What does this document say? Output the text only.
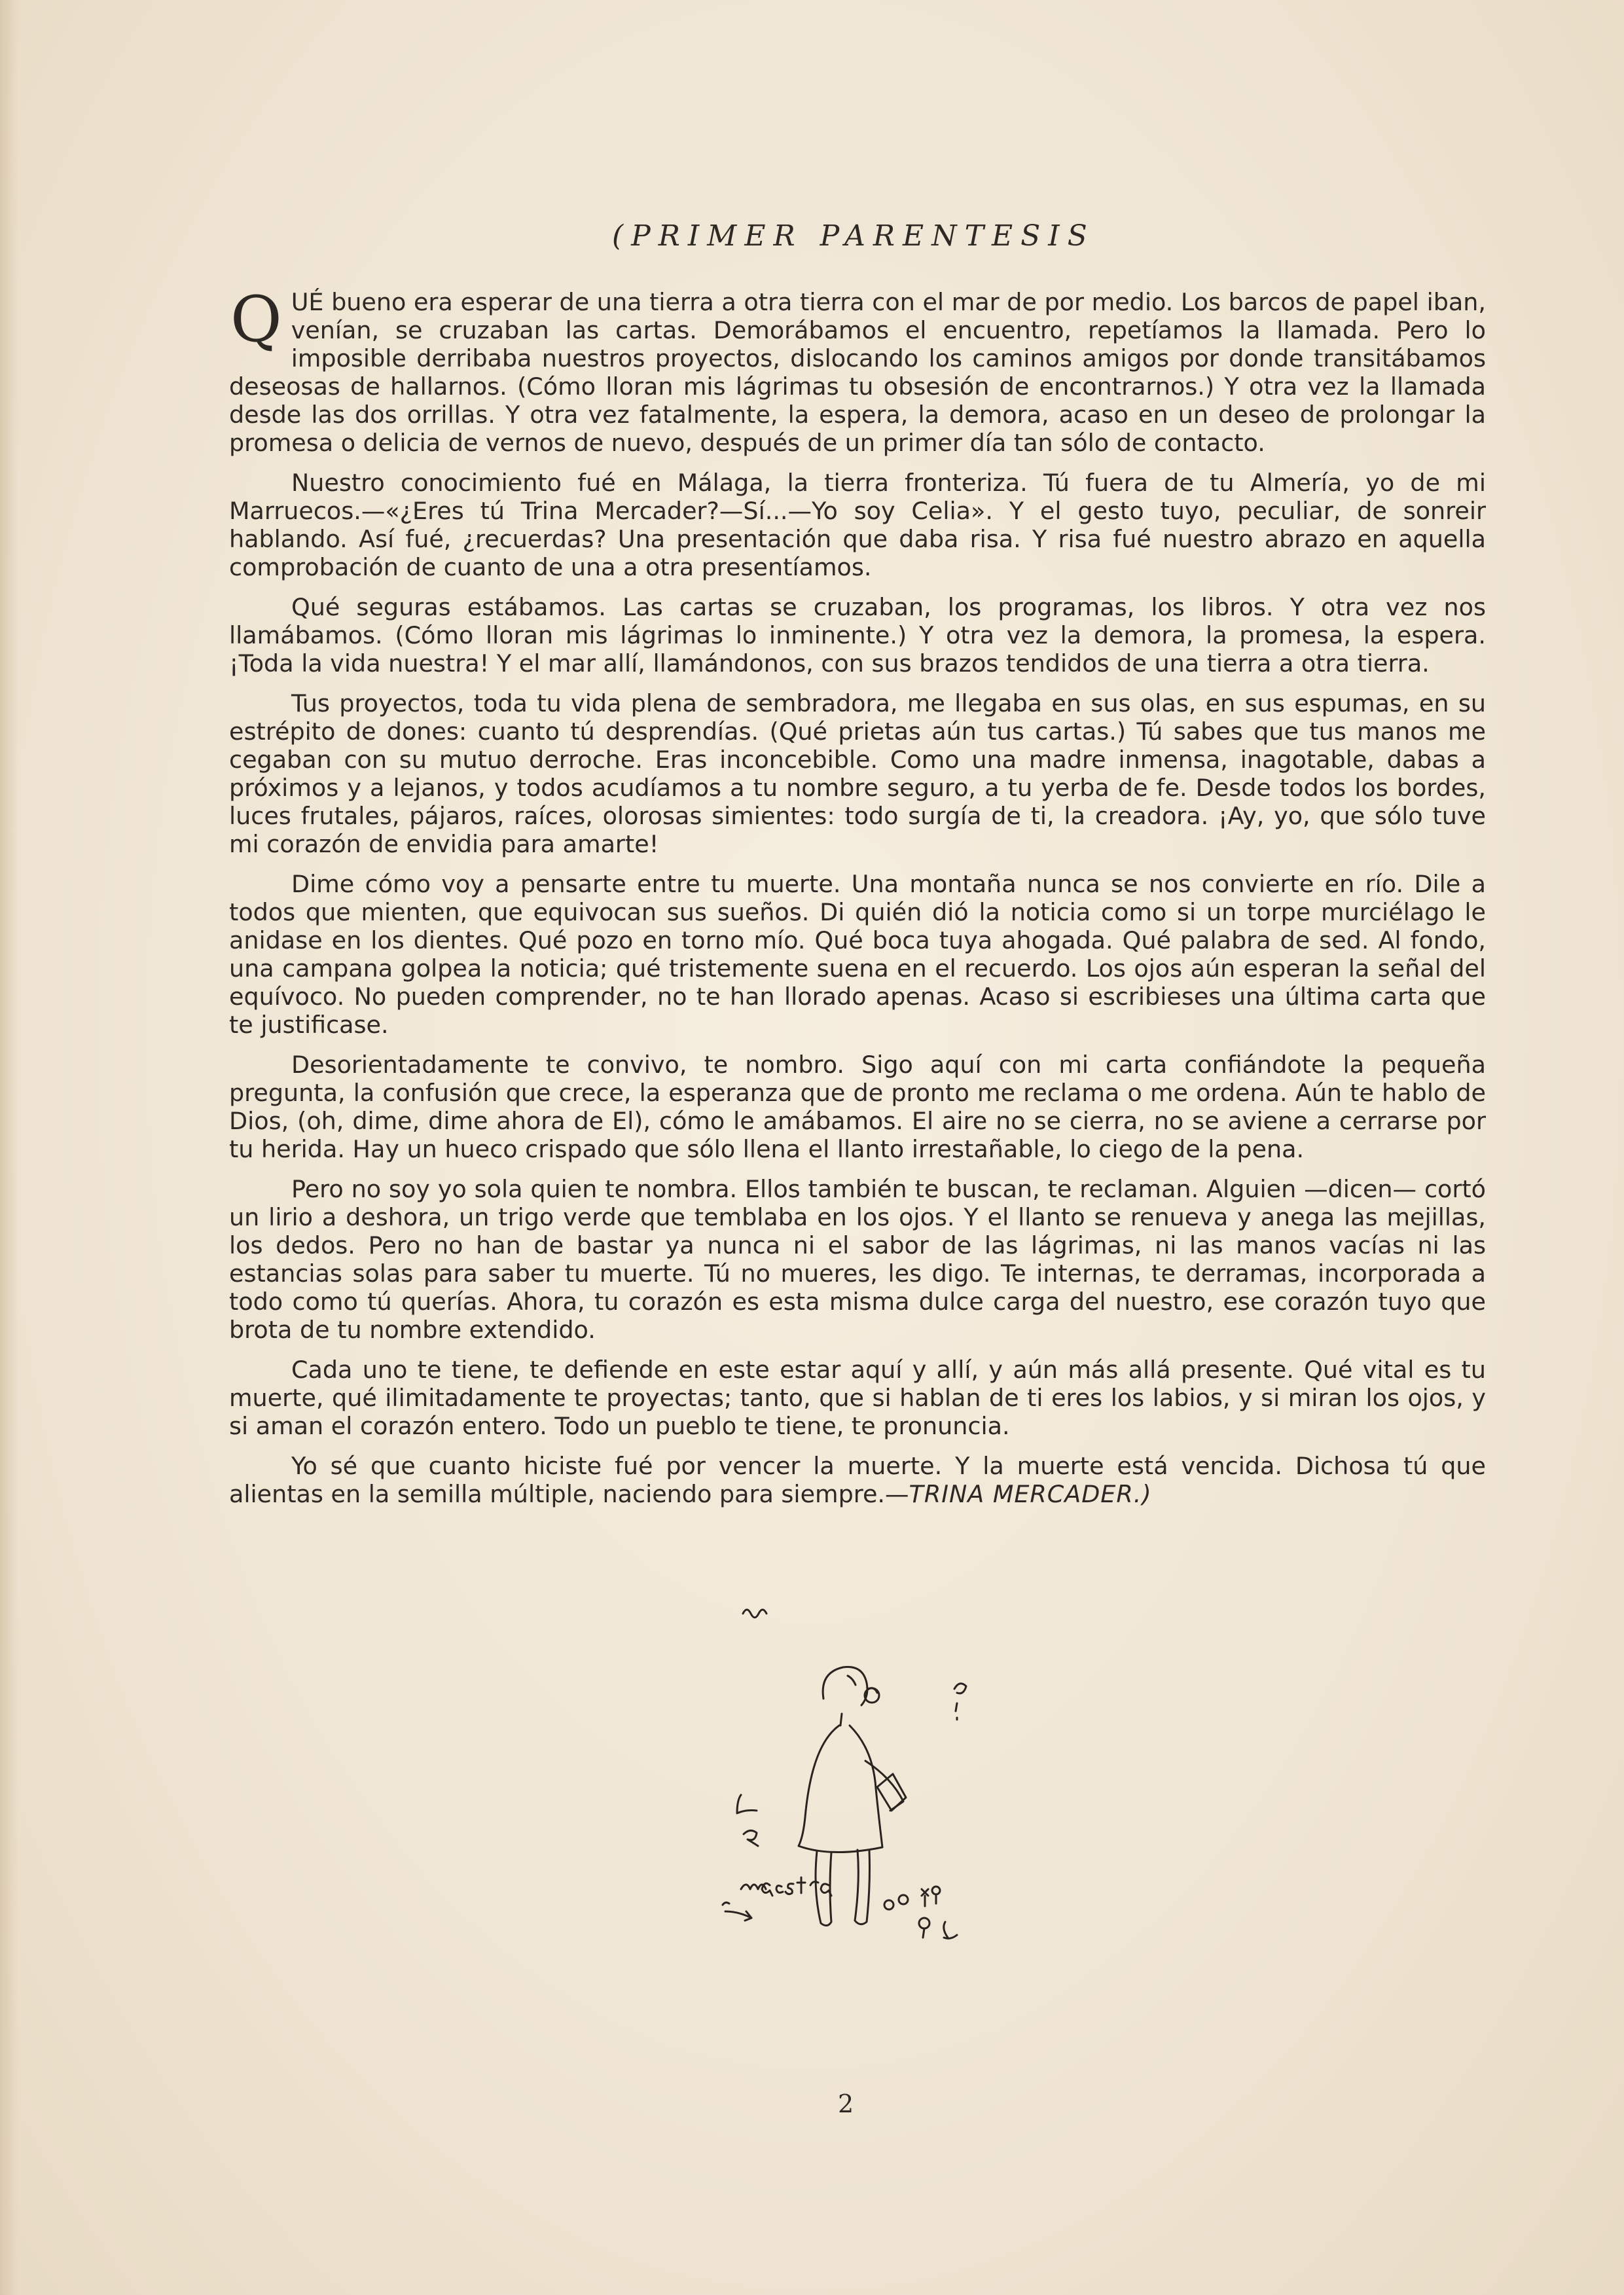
(PRIMER PARENTESIS

QUÉ bueno era esperar de una tierra a otra tierra con el mar de por medio. Los barcos de papel iban, venían, se cruzaban las cartas. Demorábamos el encuentro, repetíamos la llamada. Pero lo imposible derribaba nuestros proyectos, dislocando los caminos amigos por donde transitábamos deseosas de hallarnos. (Cómo lloran mis lágrimas tu obsesión de encontrarnos.) Y otra vez la llamada desde las dos orrillas. Y otra vez fatalmente, la espera, la demora, acaso en un deseo de prolongar la promesa o delicia de vernos de nuevo, después de un primer día tan sólo de contacto.

Nuestro conocimiento fué en Málaga, la tierra fronteriza. Tú fuera de tu Almería, yo de mi Marruecos.—«¿Eres tú Trina Mercader?—Sí...—Yo soy Celia». Y el gesto tuyo, peculiar, de sonreir hablando. Así fué, ¿recuerdas? Una presentación que daba risa. Y risa fué nuestro abrazo en aquella comprobación de cuanto de una a otra presentíamos.

Qué seguras estábamos. Las cartas se cruzaban, los programas, los libros. Y otra vez nos llamábamos. (Cómo lloran mis lágrimas lo inminente.) Y otra vez la demora, la promesa, la espera. ¡Toda la vida nuestra! Y el mar allí, llamándonos, con sus brazos tendidos de una tierra a otra tierra.

Tus proyectos, toda tu vida plena de sembradora, me llegaba en sus olas, en sus espumas, en su estrépito de dones: cuanto tú desprendías. (Qué prietas aún tus cartas.) Tú sabes que tus manos me cegaban con su mutuo derroche. Eras inconcebible. Como una madre inmensa, inagotable, dabas a próximos y a lejanos, y todos acudíamos a tu nombre seguro, a tu yerba de fe. Desde todos los bordes, luces frutales, pájaros, raíces, olorosas simientes: todo surgía de ti, la creadora. ¡Ay, yo, que sólo tuve mi corazón de envidia para amarte!

Dime cómo voy a pensarte entre tu muerte. Una montaña nunca se nos convierte en río. Dile a todos que mienten, que equivocan sus sueños. Di quién dió la noticia como si un torpe murciélago le anidase en los dientes. Qué pozo en torno mío. Qué boca tuya ahogada. Qué palabra de sed. Al fondo, una campana golpea la noticia; qué tristemente suena en el recuerdo. Los ojos aún esperan la señal del equívoco. No pueden comprender, no te han llorado apenas. Acaso si escribieses una última carta que te justificase.

Desorientadamente te convivo, te nombro. Sigo aquí con mi carta confiándote la pequeña pregunta, la confusión que crece, la esperanza que de pronto me reclama o me ordena. Aún te hablo de Dios, (oh, dime, dime ahora de El), cómo le amábamos. El aire no se cierra, no se aviene a cerrarse por tu herida. Hay un hueco crispado que sólo llena el llanto irrestañable, lo ciego de la pena.

Pero no soy yo sola quien te nombra. Ellos también te buscan, te reclaman. Alguien —dicen— cortó un lirio a deshora, un trigo verde que temblaba en los ojos. Y el llanto se renueva y anega las mejillas, los dedos. Pero no han de bastar ya nunca ni el sabor de las lágrimas, ni las manos vacías ni las estancias solas para saber tu muerte. Tú no mueres, les digo. Te internas, te derramas, incorporada a todo como tú querías. Ahora, tu corazón es esta misma dulce carga del nuestro, ese corazón tuyo que brota de tu nombre extendido.

Cada uno te tiene, te defiende en este estar aquí y allí, y aún más allá presente. Qué vital es tu muerte, qué ilimitadamente te proyectas; tanto, que si hablan de ti eres los labios, y si miran los ojos, y si aman el corazón entero. Todo un pueblo te tiene, te pronuncia.

Yo sé que cuanto hiciste fué por vencer la muerte. Y la muerte está vencida. Dichosa tú que alientas en la semilla múltiple, naciendo para siempre.—TRINA MERCADER.)

2
